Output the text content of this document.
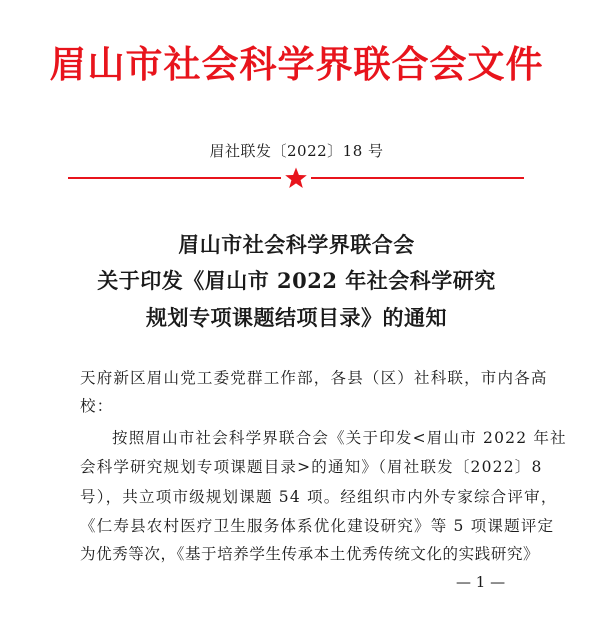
眉山市社会科学界联合会文件
眉社联发〔2022〕18 号
眉山市社会科学界联合会
关于印发《眉山市 2022 年社会科学研究
规划专项课题结项目录》的通知
天府新区眉山党工委党群工作部，各县（区）社科联，市内各高
校：
按照眉山市社会科学界联合会《关于印发<眉山市 2022 年社
会科学研究规划专项课题目录>的通知》（眉社联发〔2022〕8
号），共立项市级规划课题 54 项。经组织市内外专家综合评审，
《仁寿县农村医疗卫生服务体系优化建设研究》等 5 项课题评定
为优秀等次，《基于培养学生传承本土优秀传统文化的实践研究》
— 1 —
